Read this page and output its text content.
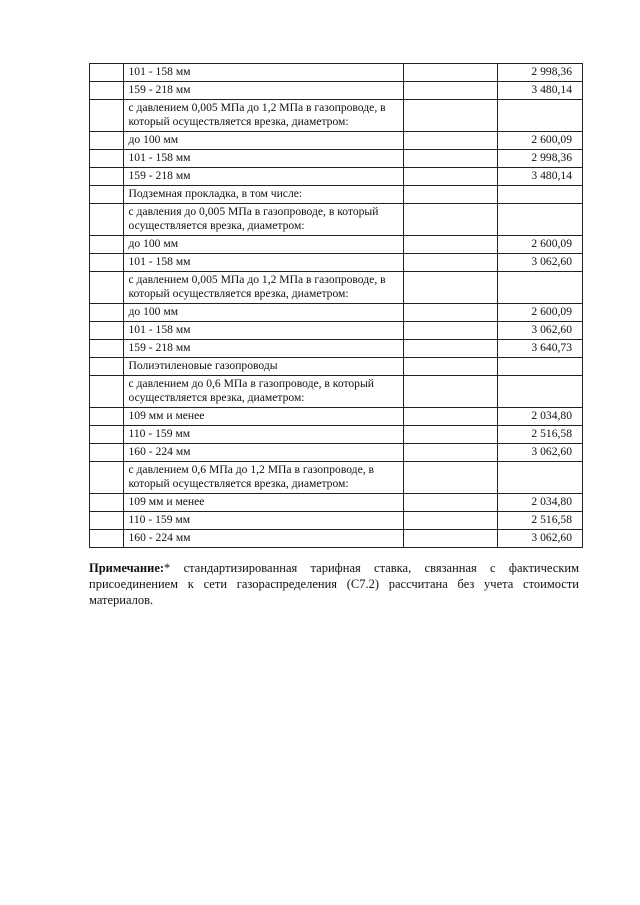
	101 - 158 мм		2 998,36
	159 - 218 мм		3 480,14
	с давлением 0,005 МПа до 1,2 МПа в газопроводе, в который осуществляется врезка, диаметром:		
	до 100 мм		2 600,09
	101 - 158 мм		2 998,36
	159 - 218 мм		3 480,14
	Подземная прокладка, в том числе:		
	с давления до 0,005 МПа в газопроводе, в который осуществляется врезка, диаметром:		
	до 100 мм		2 600,09
	101 - 158 мм		3 062,60
	с давлением 0,005 МПа до 1,2 МПа в газопроводе, в который осуществляется врезка, диаметром:		
	до 100 мм		2 600,09
	101 - 158 мм		3 062,60
	159 - 218 мм		3 640,73
	Полиэтиленовые газопроводы		
	с давлением до 0,6 МПа в газопроводе, в который осуществляется врезка, диаметром:		
	109 мм и менее		2 034,80
	110 - 159 мм		2 516,58
	160 - 224 мм		3 062,60
	с давлением 0,6 МПа до 1,2 МПа в газопроводе, в который осуществляется врезка, диаметром:		
	109 мм и менее		2 034,80
	110 - 159 мм		2 516,58
	160 - 224 мм		3 062,60

Примечание:* стандартизированная тарифная ставка, связанная с фактическим присоединением к сети газораспределения (С7.2) рассчитана без учета стоимости материалов.
